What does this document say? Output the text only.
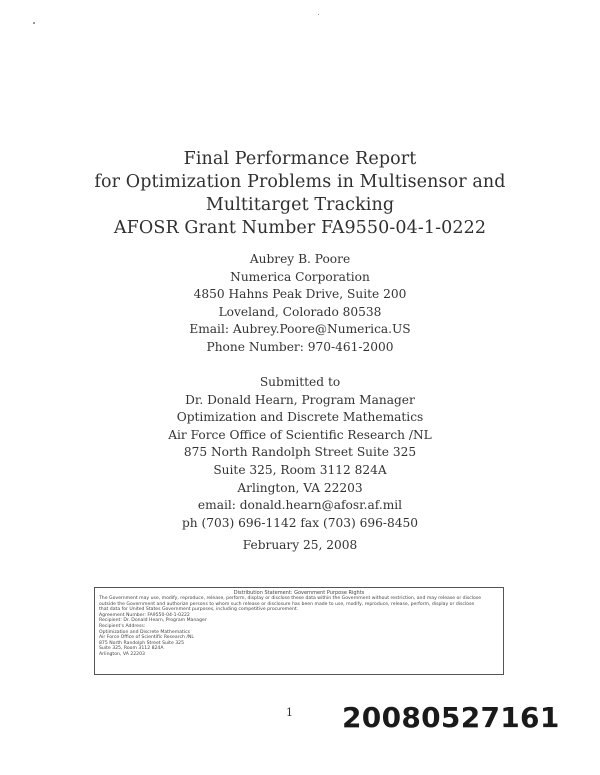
Final Performance Report
for Optimization Problems in Multisensor and
Multitarget Tracking
AFOSR Grant Number FA9550-04-1-0222
Aubrey B. Poore
Numerica Corporation
4850 Hahns Peak Drive, Suite 200
Loveland, Colorado 80538
Email: Aubrey.Poore@Numerica.US
Phone Number: 970-461-2000
Submitted to
Dr. Donald Hearn, Program Manager
Optimization and Discrete Mathematics
Air Force Office of Scientific Research /NL
875 North Randolph Street Suite 325
Suite 325, Room 3112 824A
Arlington, VA 22203
email: donald.hearn@afosr.af.mil
ph (703) 696-1142 fax (703) 696-8450
February 25, 2008
Distribution Statement: Government Purpose Rights
The Government may use, modify, reproduce, release, perform, display or disclose these data within the Government without restriction, and may release or disclose
outside the Government and authorize persons to whom such release or disclosure has been made to use, modify, reproduce, release, perform, display or disclose
that data for United States Government purposes, including competitive procurement.
Agreement Number: FA9550-04-1-0222
Recipient: Dr. Donald Hearn, Program Manager
Recipient's Address:
Optimization and Discrete Mathematics
Air Force Office of Scientific Research /NL
875 North Randolph Street Suite 325
Suite 325, Room 3112 824A
Arlington, VA 22203
1 20080527161
